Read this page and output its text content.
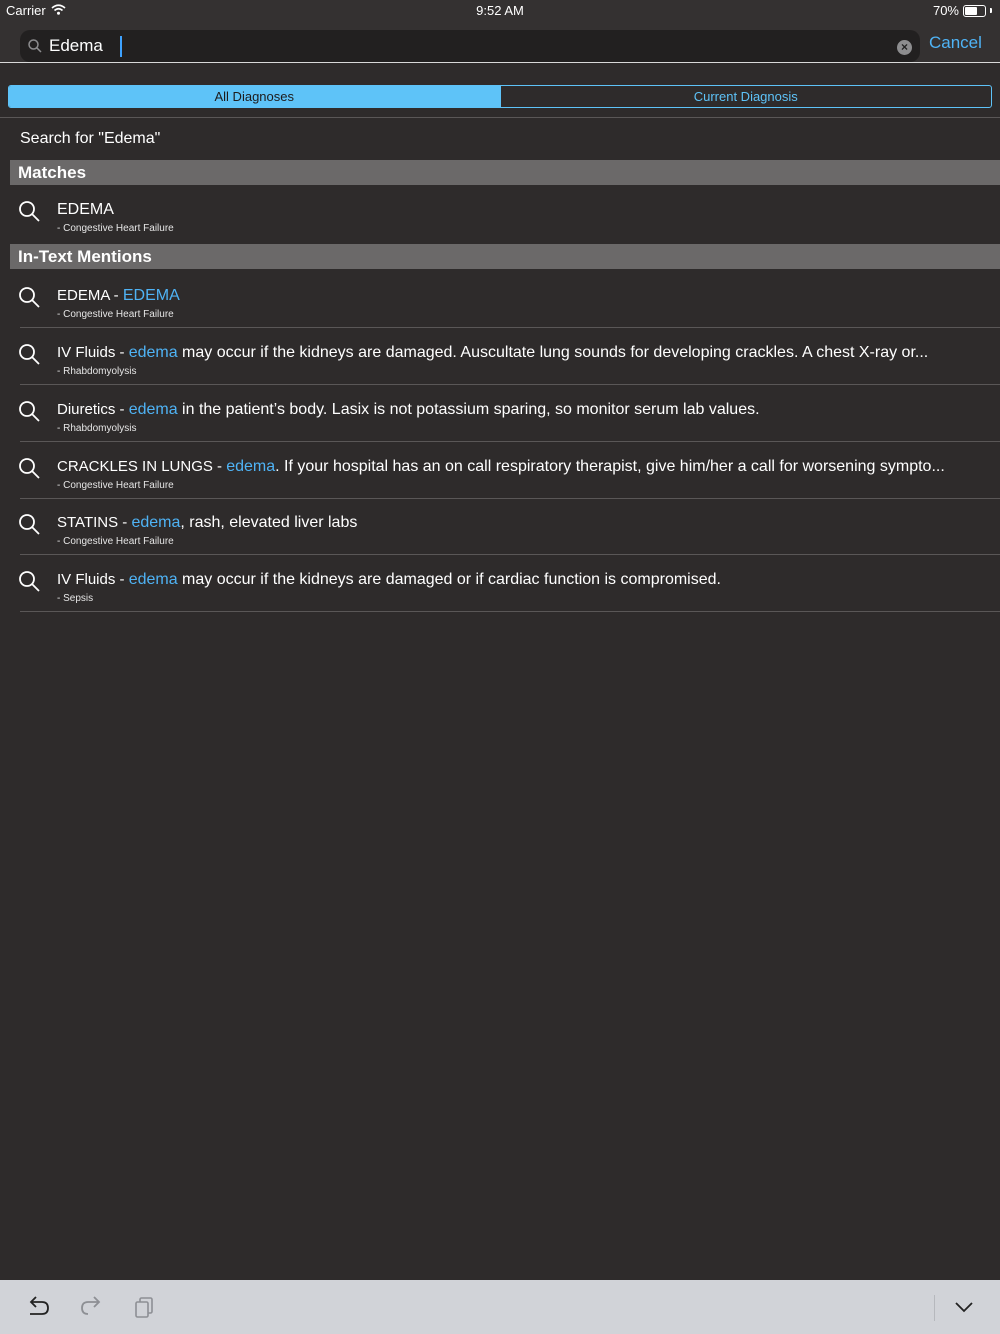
Carrier	9:52 AM	70%
Edema
× Cancel
All Diagnoses	Current Diagnosis
Search for "Edema"
Matches
EDEMA
- Congestive Heart Failure
In-Text Mentions
EDEMA - EDEMA
- Congestive Heart Failure
IV Fluids - edema may occur if the kidneys are damaged. Auscultate lung sounds for developing crackles. A chest X-ray or...
- Rhabdomyolysis
Diuretics - edema in the patient’s body. Lasix is not potassium sparing, so monitor serum lab values.
- Rhabdomyolysis
CRACKLES IN LUNGS - edema. If your hospital has an on call respiratory therapist, give him/her a call for worsening sympto...
- Congestive Heart Failure
STATINS - edema, rash, elevated liver labs
- Congestive Heart Failure
IV Fluids - edema may occur if the kidneys are damaged or if cardiac function is compromised.
- Sepsis
